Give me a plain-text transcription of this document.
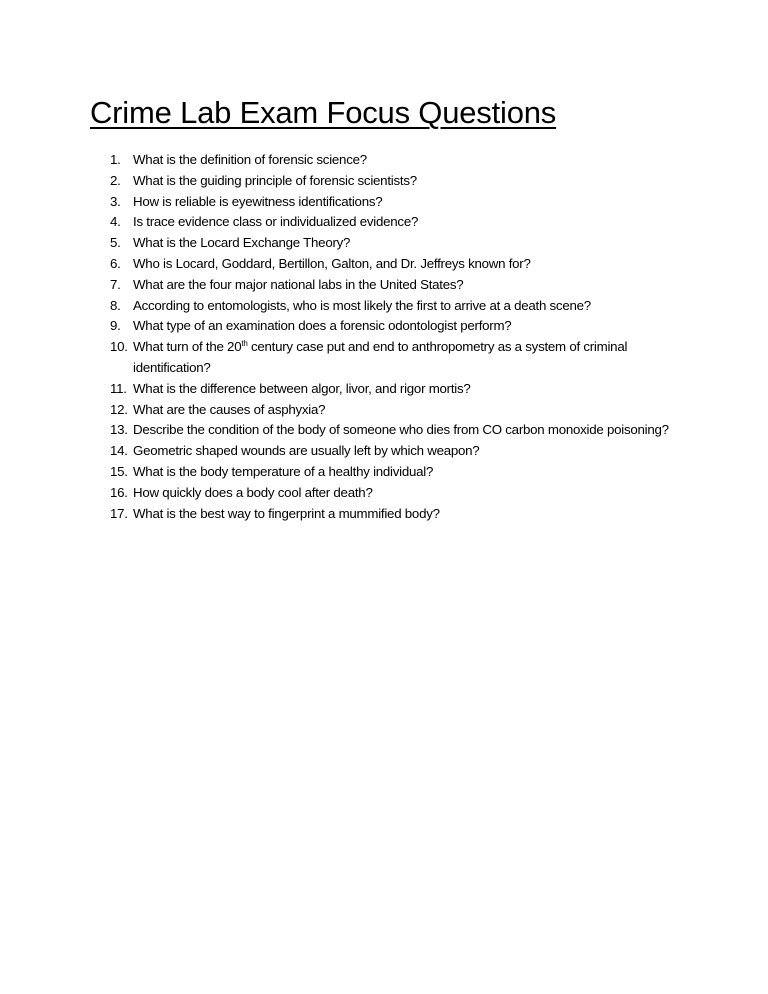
Crime Lab Exam Focus Questions
1. What is the definition of forensic science?
2. What is the guiding principle of forensic scientists?
3. How is reliable is eyewitness identifications?
4. Is trace evidence class or individualized evidence?
5. What is the Locard Exchange Theory?
6. Who is Locard, Goddard, Bertillon, Galton, and Dr. Jeffreys known for?
7. What are the four major national labs in the United States?
8. According to entomologists, who is most likely the first to arrive at a death scene?
9. What type of an examination does a forensic odontologist perform?
10. What turn of the 20th century case put and end to anthropometry as a system of criminal identification?
11. What is the difference between algor, livor, and rigor mortis?
12. What are the causes of asphyxia?
13. Describe the condition of the body of someone who dies from CO carbon monoxide poisoning?
14. Geometric shaped wounds are usually left by which weapon?
15. What is the body temperature of a healthy individual?
16. How quickly does a body cool after death?
17. What is the best way to fingerprint a mummified body?
